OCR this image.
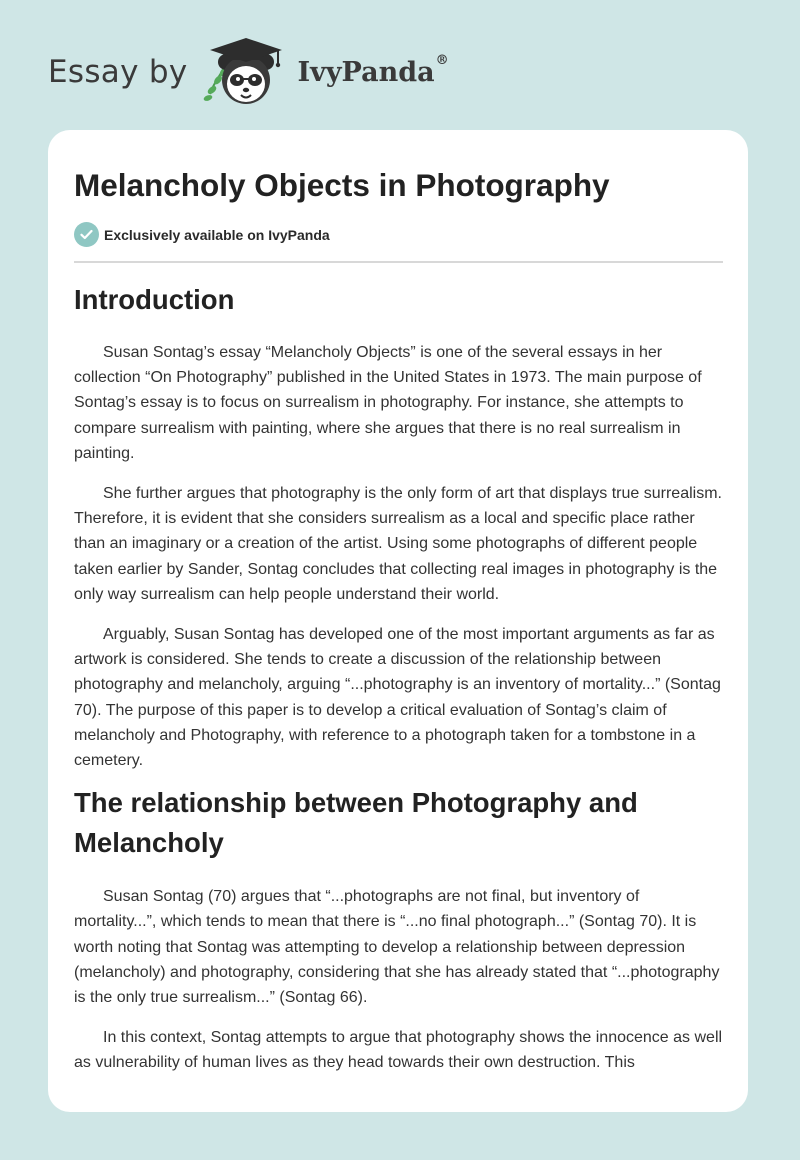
Essay by	IvyPanda®
Melancholy Objects in Photography
Exclusively available on IvyPanda
Introduction

Susan Sontag’s essay “Melancholy Objects” is one of the several essays in her collection “On Photography” published in the United States in 1973. The main purpose of Sontag’s essay is to focus on surrealism in photography. For instance, she attempts to compare surrealism with painting, where she argues that there is no real surrealism in painting.

She further argues that photography is the only form of art that displays true surrealism. Therefore, it is evident that she considers surrealism as a local and specific place rather than an imaginary or a creation of the artist. Using some photographs of different people taken earlier by Sander, Sontag concludes that collecting real images in photography is the only way surrealism can help people understand their world.

Arguably, Susan Sontag has developed one of the most important arguments as far as artwork is considered. She tends to create a discussion of the relationship between photography and melancholy, arguing “...photography is an inventory of mortality...” (Sontag 70). The purpose of this paper is to develop a critical evaluation of Sontag’s claim of melancholy and Photography, with reference to a photograph taken for a tombstone in a cemetery.

The relationship between Photography and Melancholy

Susan Sontag (70) argues that “...photographs are not final, but inventory of mortality...”, which tends to mean that there is “...no final photograph...” (Sontag 70). It is worth noting that Sontag was attempting to develop a relationship between depression (melancholy) and photography, considering that she has already stated that “...photography is the only true surrealism...” (Sontag 66).

In this context, Sontag attempts to argue that photography shows the innocence as well as vulnerability of human lives as they head towards their own destruction. This
